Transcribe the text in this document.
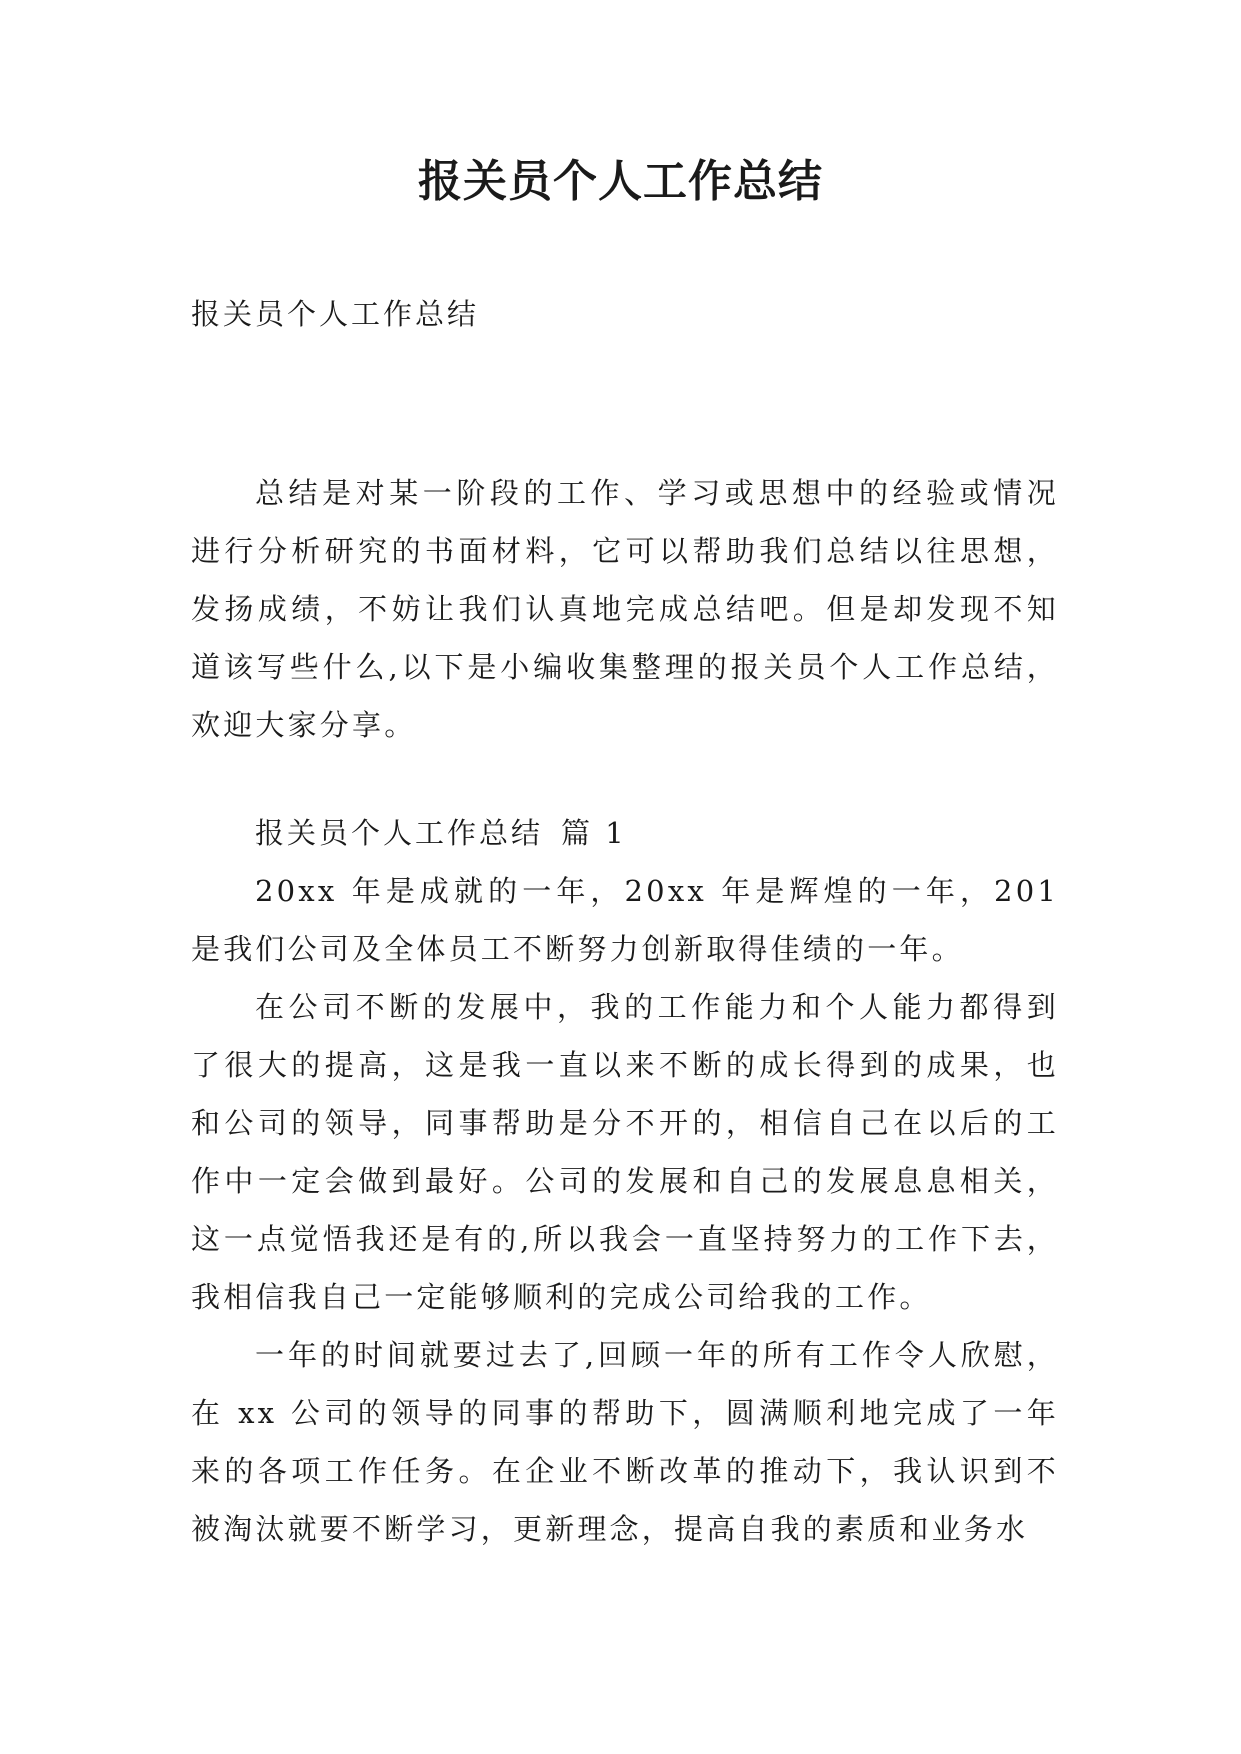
报关员个人工作总结

报关员个人工作总结

总结是对某一阶段的工作、学习或思想中的经验或情况进行分析研究的书面材料，它可以帮助我们总结以往思想，发扬成绩，不妨让我们认真地完成总结吧。但是却发现不知道该写些什么,以下是小编收集整理的报关员个人工作总结，欢迎大家分享。

报关员个人工作总结 篇 1

20xx 年是成就的一年，20xx 年是辉煌的一年，201 是我们公司及全体员工不断努力创新取得佳绩的一年。

在公司不断的发展中，我的工作能力和个人能力都得到了很大的提高，这是我一直以来不断的成长得到的成果，也和公司的领导，同事帮助是分不开的，相信自己在以后的工作中一定会做到最好。公司的发展和自己的发展息息相关，这一点觉悟我还是有的,所以我会一直坚持努力的工作下去，我相信我自己一定能够顺利的完成公司给我的工作。

一年的时间就要过去了,回顾一年的所有工作令人欣慰，在 xx 公司的领导的同事的帮助下，圆满顺利地完成了一年来的各项工作任务。在企业不断改革的推动下，我认识到不被淘汰就要不断学习，更新理念，提高自我的素质和业务水
